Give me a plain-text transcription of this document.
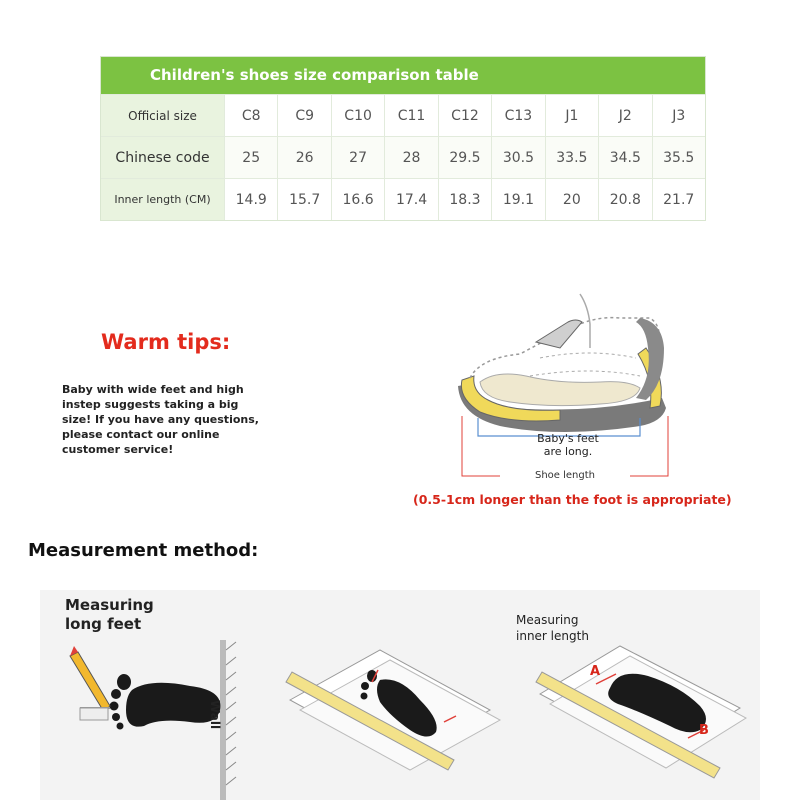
Children's shoes size comparison table
Official size	C8	C9	C10	C11	C12	C13	J1	J2	J3
Chinese code	25	26	27	28	29.5	30.5	33.5	34.5	35.5
Inner length (CM)	14.9	15.7	16.6	17.4	18.3	19.1	20	20.8	21.7
Warm tips:
Baby with wide feet and high instep suggests taking a big size! If you have any questions, please contact our online customer service!
Baby's feet
are long.
Shoe length
(0.5-1cm longer than the foot is appropriate)
Measurement method:
Measuring
long feet
Wall
Measuring
inner length
A
B
